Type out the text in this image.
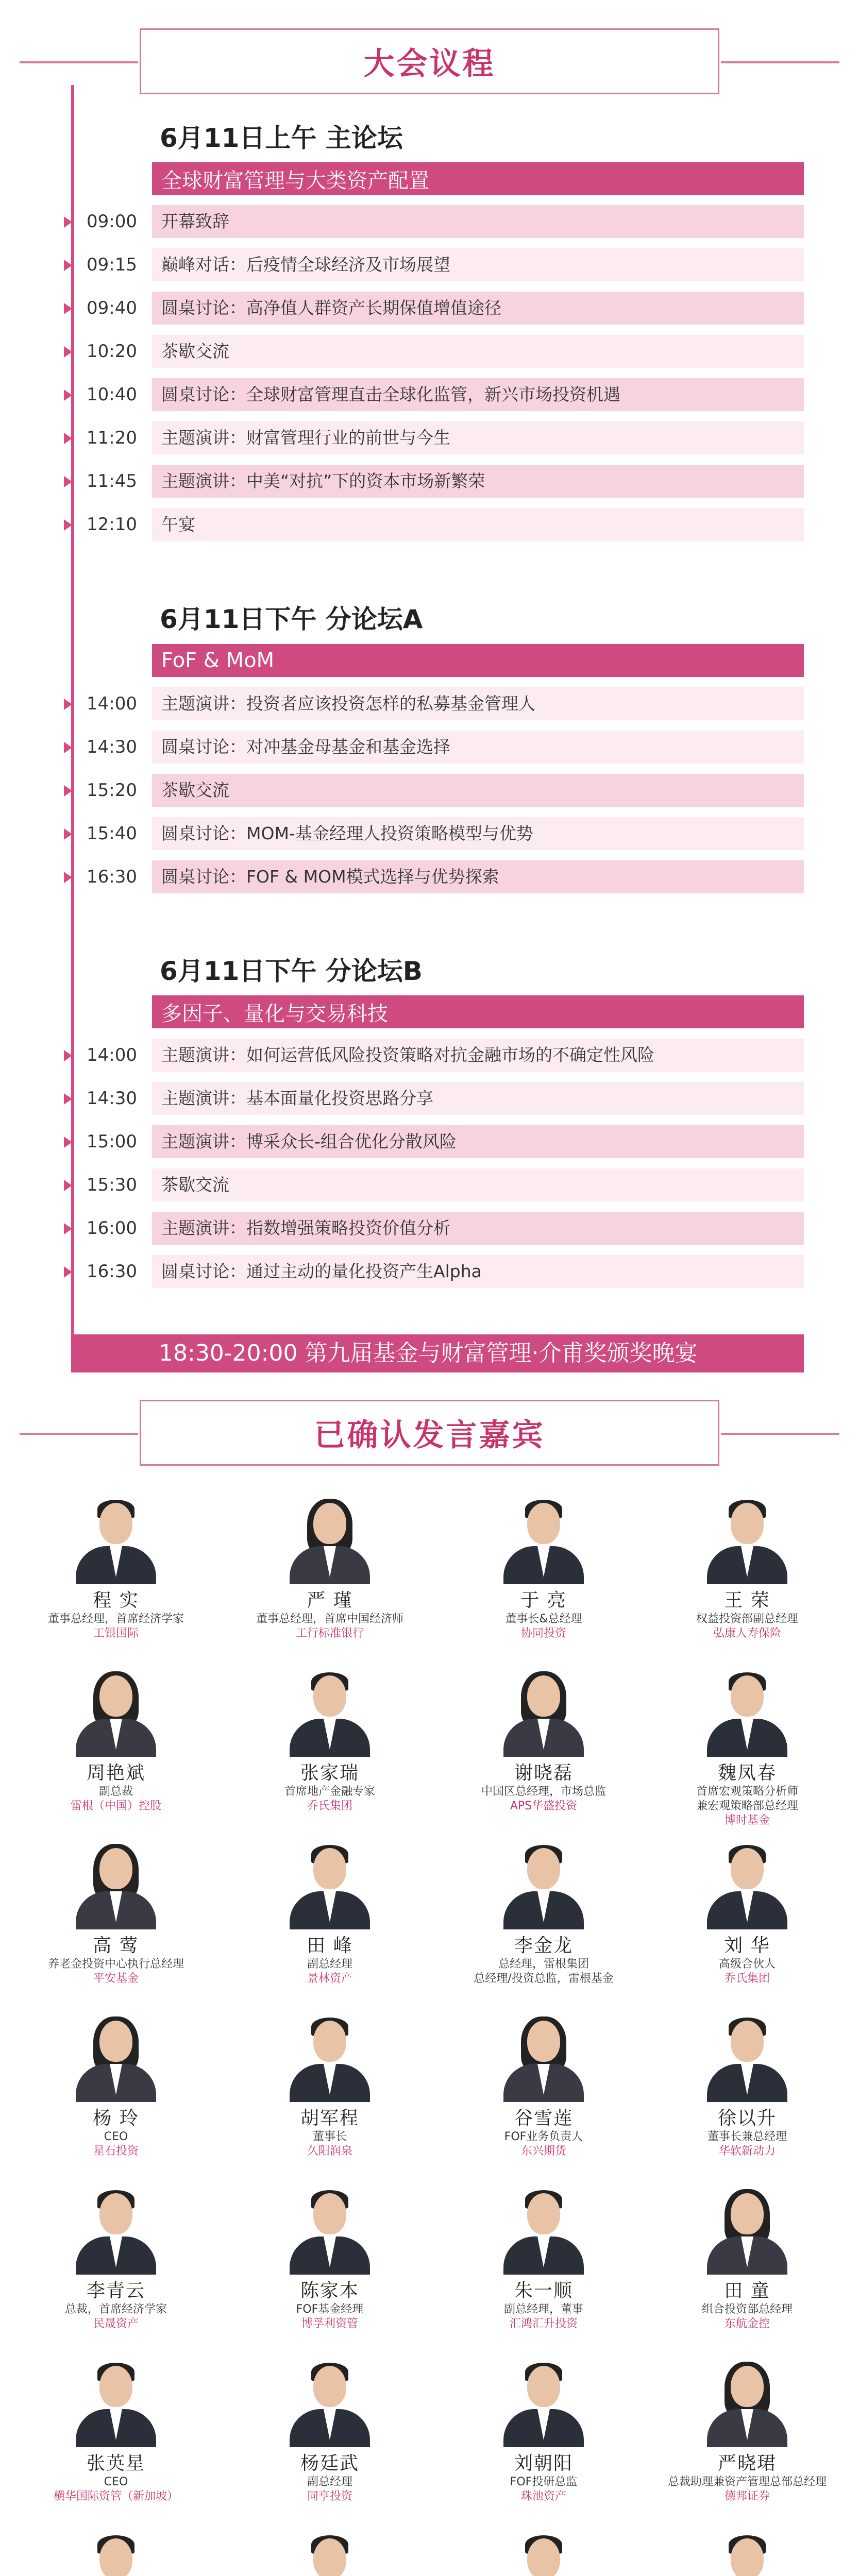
大会议程
6月11日上午 主论坛
全球财富管理与大类资产配置
09:00	开幕致辞
09:15	巅峰对话：后疫情全球经济及市场展望
09:40	圆桌讨论：高净值人群资产长期保值增值途径
10:20	茶歇交流
10:40	圆桌讨论：全球财富管理直击全球化监管，新兴市场投资机遇
11:20	主题演讲：财富管理行业的前世与今生
11:45	主题演讲：中美“对抗”下的资本市场新繁荣
12:10	午宴
6月11日下午 分论坛A
FoF & MoM
14:00	主题演讲：投资者应该投资怎样的私募基金管理人
14:30	圆桌讨论：对冲基金母基金和基金选择
15:20	茶歇交流
15:40	圆桌讨论：MOM-基金经理人投资策略模型与优势
16:30	圆桌讨论：FOF & MOM模式选择与优势探索
6月11日下午 分论坛B
多因子、量化与交易科技
14:00	主题演讲：如何运营低风险投资策略对抗金融市场的不确定性风险
14:30	主题演讲：基本面量化投资思路分享
15:00	主题演讲：博采众长-组合优化分散风险
15:30	茶歇交流
16:00	主题演讲：指数增强策略投资价值分析
16:30	圆桌讨论：通过主动的量化投资产生Alpha
18:30-20:00 第九届基金与财富管理·介甫奖颁奖晚宴
已确认发言嘉宾
程 实
董事总经理，首席经济学家
工银国际
严 瑾
董事总经理，首席中国经济师
工行标准银行
于 亮
董事长&总经理
协同投资
王 荣
权益投资部副总经理
弘康人寿保险
周艳斌
副总裁
雷根（中国）控股
张家瑞
首席地产金融专家
乔氏集团
谢晓磊
中国区总经理，市场总监
APS华盛投资
魏凤春
首席宏观策略分析师
兼宏观策略部总经理
博时基金
高 莺
养老金投资中心执行总经理
平安基金
田 峰
副总经理
景林资产
李金龙
总经理，雷根集团
总经理/投资总监，雷根基金
刘 华
高级合伙人
乔氏集团
杨 玲
CEO
星石投资
胡军程
董事长
久阳润泉
谷雪莲
FOF业务负责人
东兴期货
徐以升
董事长兼总经理
华软新动力
李青云
总裁，首席经济学家
民晟资产
陈家本
FOF基金经理
博孚利资管
朱一顺
副总经理，董事
汇鸿汇升投资
田 童
组合投资部总经理
东航金控
张英星
CEO
横华国际资管（新加坡）
杨廷武
副总经理
同亨投资
刘朝阳
FOF投研总监
珠池资产
严晓珺
总裁助理兼资产管理总部总经理
德邦证券
